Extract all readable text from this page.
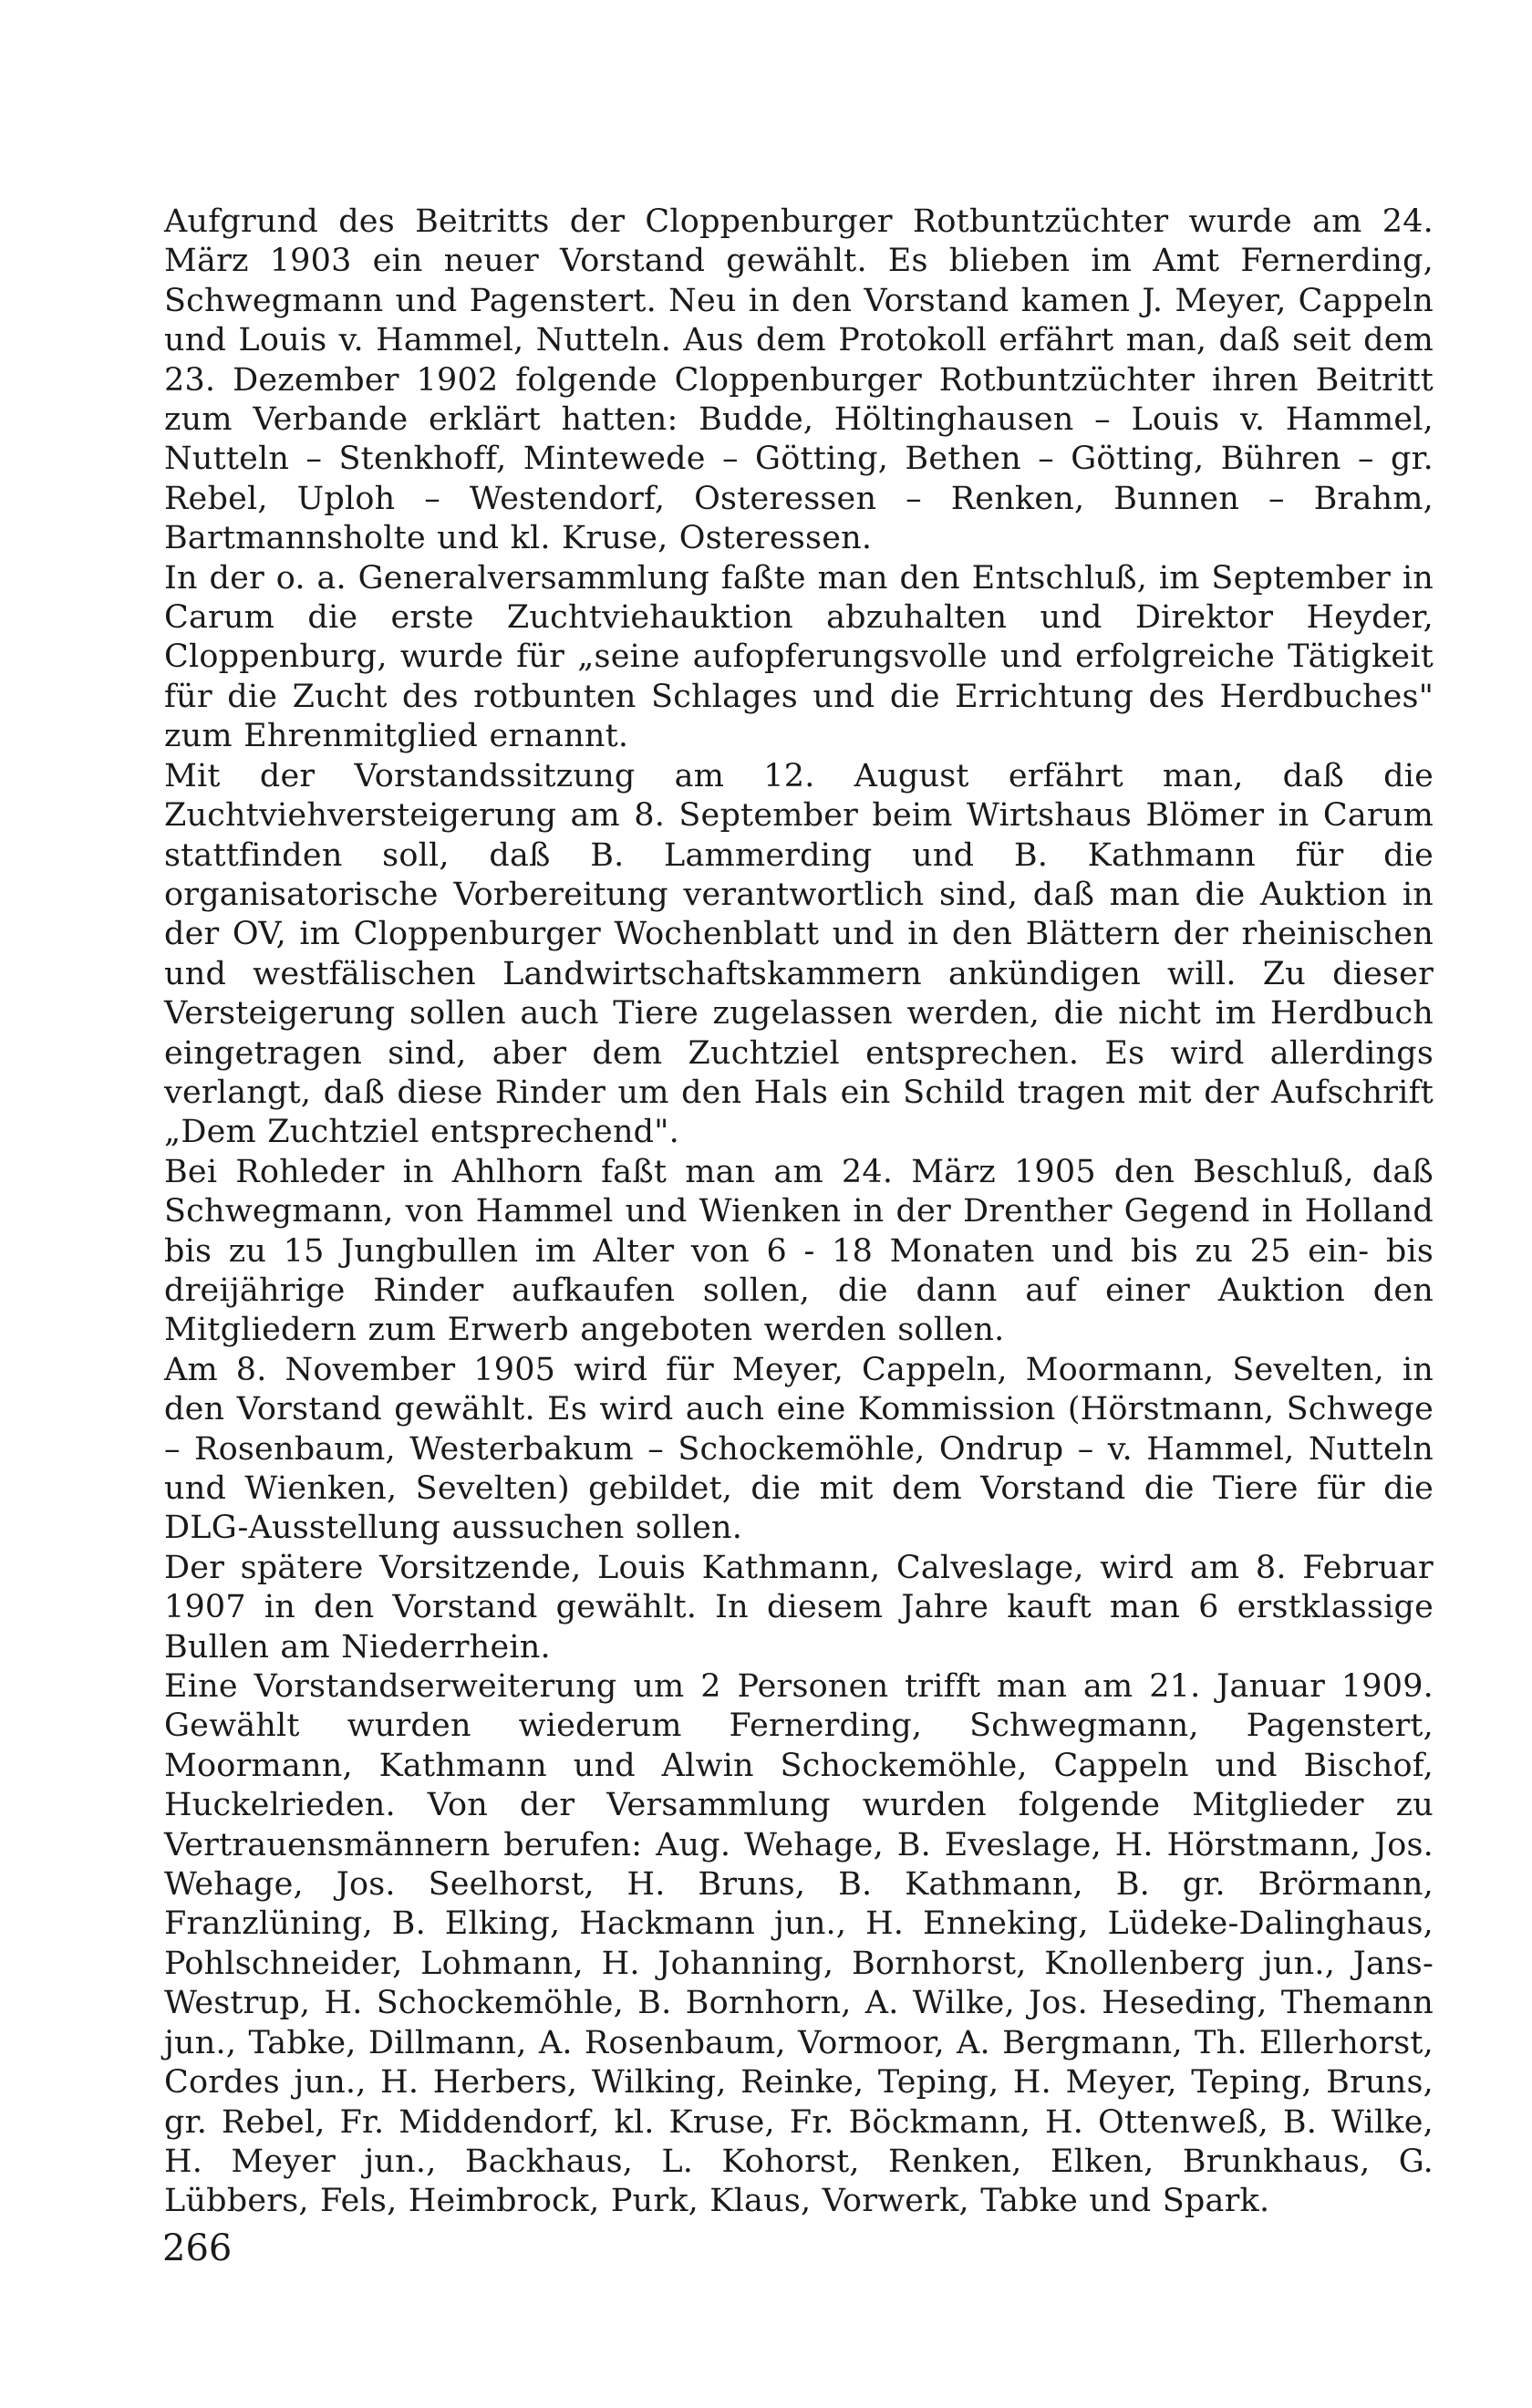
Aufgrund des Beitritts der Cloppenburger Rotbuntzüchter wurde am 24. März 1903 ein neuer Vorstand gewählt. Es blieben im Amt Fernerding, Schwegmann und Pagenstert. Neu in den Vorstand kamen J. Meyer, Cappeln und Louis v. Hammel, Nutteln. Aus dem Protokoll erfährt man, daß seit dem 23. Dezember 1902 folgende Cloppenburger Rotbuntzüchter ihren Beitritt zum Verbande erklärt hatten: Budde, Höltinghausen – Louis v. Hammel, Nutteln – Stenkhoff, Mintewede – Götting, Bethen – Götting, Bühren – gr. Rebel, Uploh – Westendorf, Osteressen – Renken, Bunnen – Brahm, Bartmannsholte und kl. Kruse, Osteressen.

In der o. a. Generalversammlung faßte man den Entschluß, im September in Carum die erste Zuchtviehauktion abzuhalten und Direktor Heyder, Cloppenburg, wurde für „seine aufopferungsvolle und erfolgreiche Tätigkeit für die Zucht des rotbunten Schlages und die Errichtung des Herdbuches" zum Ehrenmitglied ernannt.

Mit der Vorstandssitzung am 12. August erfährt man, daß die Zuchtviehversteigerung am 8. September beim Wirtshaus Blömer in Carum stattfinden soll, daß B. Lammerding und B. Kathmann für die organisatorische Vorbereitung verantwortlich sind, daß man die Auktion in der OV, im Cloppenburger Wochenblatt und in den Blättern der rheinischen und westfälischen Landwirtschaftskammern ankündigen will. Zu dieser Versteigerung sollen auch Tiere zugelassen werden, die nicht im Herdbuch eingetragen sind, aber dem Zuchtziel entsprechen. Es wird allerdings verlangt, daß diese Rinder um den Hals ein Schild tragen mit der Aufschrift „Dem Zuchtziel entsprechend".

Bei Rohleder in Ahlhorn faßt man am 24. März 1905 den Beschluß, daß Schwegmann, von Hammel und Wienken in der Drenther Gegend in Holland bis zu 15 Jungbullen im Alter von 6 - 18 Monaten und bis zu 25 ein- bis dreijährige Rinder aufkaufen sollen, die dann auf einer Auktion den Mitgliedern zum Erwerb angeboten werden sollen.

Am 8. November 1905 wird für Meyer, Cappeln, Moormann, Sevelten, in den Vorstand gewählt. Es wird auch eine Kommission (Hörstmann, Schwege – Rosenbaum, Westerbakum – Schockemöhle, Ondrup – v. Hammel, Nutteln und Wienken, Sevelten) gebildet, die mit dem Vorstand die Tiere für die DLG-Ausstellung aussuchen sollen.

Der spätere Vorsitzende, Louis Kathmann, Calveslage, wird am 8. Februar 1907 in den Vorstand gewählt. In diesem Jahre kauft man 6 erstklassige Bullen am Niederrhein.

Eine Vorstandserweiterung um 2 Personen trifft man am 21. Januar 1909. Gewählt wurden wiederum Fernerding, Schwegmann, Pagenstert, Moormann, Kathmann und Alwin Schockemöhle, Cappeln und Bischof, Huckelrieden. Von der Versammlung wurden folgende Mitglieder zu Vertrauensmännern berufen: Aug. Wehage, B. Eveslage, H. Hörstmann, Jos. Wehage, Jos. Seelhorst, H. Bruns, B. Kathmann, B. gr. Brörmann, Franzlüning, B. Elking, Hackmann jun., H. Enneking, Lüdeke-Dalinghaus, Pohlschneider, Lohmann, H. Johanning, Bornhorst, Knollenberg jun., Jans-Westrup, H. Schockemöhle, B. Bornhorn, A. Wilke, Jos. Heseding, Themann jun., Tabke, Dillmann, A. Rosenbaum, Vormoor, A. Bergmann, Th. Ellerhorst, Cordes jun., H. Herbers, Wilking, Reinke, Teping, H. Meyer, Teping, Bruns, gr. Rebel, Fr. Middendorf, kl. Kruse, Fr. Böckmann, H. Ottenweß, B. Wilke, H. Meyer jun., Backhaus, L. Kohorst, Renken, Elken, Brunkhaus, G. Lübbers, Fels, Heimbrock, Purk, Klaus, Vorwerk, Tabke und Spark.

266
